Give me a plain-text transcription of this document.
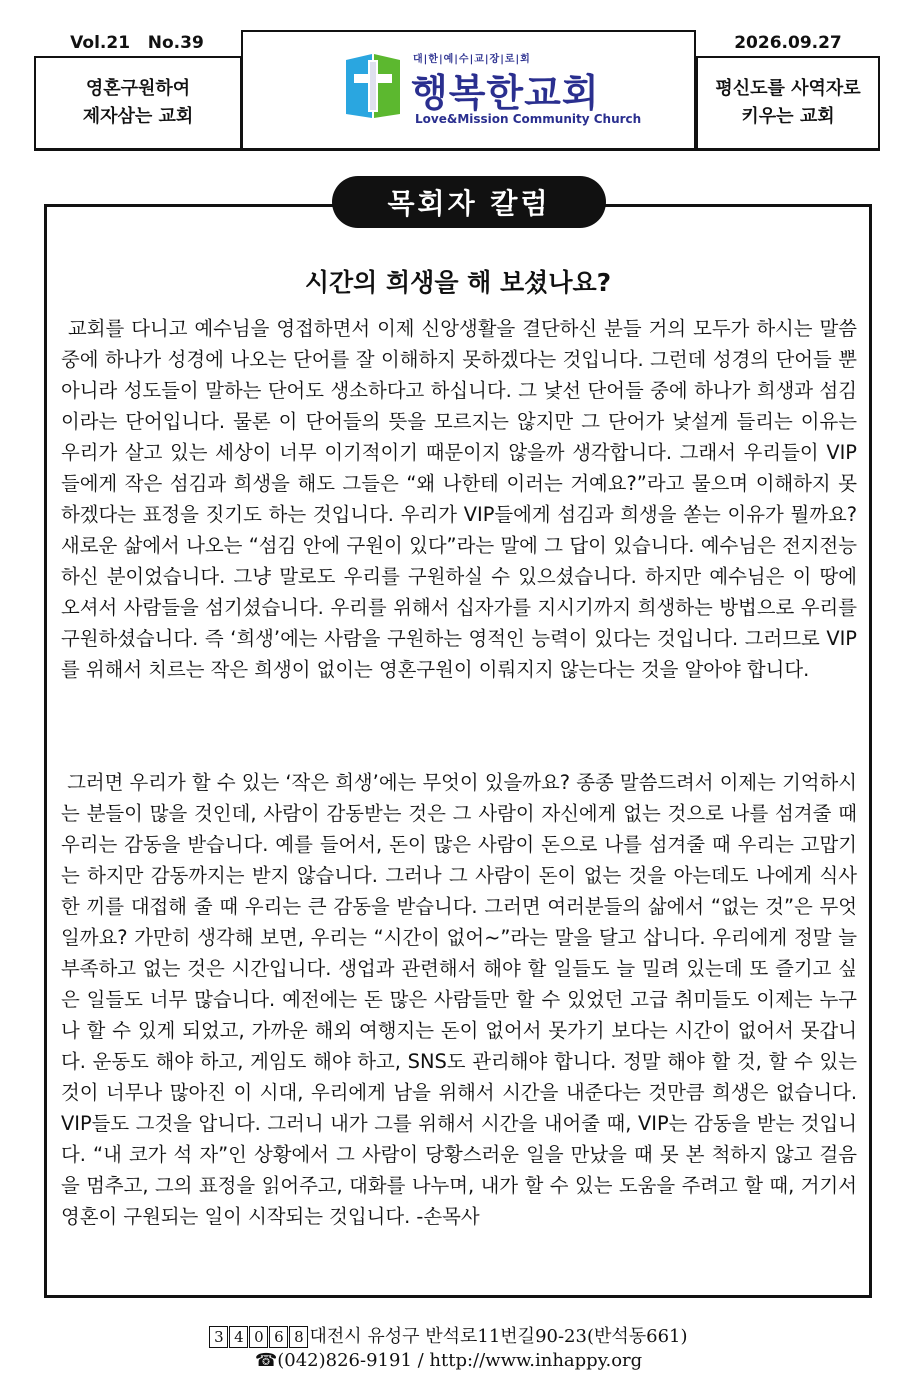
Vol.21   No.39	2026.09.27
영혼구원하여
제자삼는 교회
대|한|예|수|교|장|로|회
행복한교회
Love&Mission Community Church
평신도를 사역자로
키우는 교회
목회자 칼럼
시간의 희생을 해 보셨나요?

교회를 다니고 예수님을 영접하면서 이제 신앙생활을 결단하신 분들 거의 모두가 하시는 말씀 중에 하나가 성경에 나오는 단어를 잘 이해하지 못하겠다는 것입니다. 그런데 성경의 단어들 뿐 아니라 성도들이 말하는 단어도 생소하다고 하십니다. 그 낯선 단어들 중에 하나가 희생과 섬김이라는 단어입니다. 물론 이 단어들의 뜻을 모르지는 않지만 그 단어가 낯설게 들리는 이유는 우리가 살고 있는 세상이 너무 이기적이기 때문이지 않을까 생각합니다. 그래서 우리들이 VIP들에게 작은 섬김과 희생을 해도 그들은 “왜 나한테 이러는 거예요?”라고 물으며 이해하지 못하겠다는 표정을 짓기도 하는 것입니다. 우리가 VIP들에게 섬김과 희생을 쏟는 이유가 뭘까요? 새로운 삶에서 나오는 “섬김 안에 구원이 있다”라는 말에 그 답이 있습니다. 예수님은 전지전능하신 분이었습니다. 그냥 말로도 우리를 구원하실 수 있으셨습니다. 하지만 예수님은 이 땅에 오셔서 사람들을 섬기셨습니다. 우리를 위해서 십자가를 지시기까지 희생하는 방법으로 우리를 구원하셨습니다. 즉 ‘희생’에는 사람을 구원하는 영적인 능력이 있다는 것입니다. 그러므로 VIP를 위해서 치르는 작은 희생이 없이는 영혼구원이 이뤄지지 않는다는 것을 알아야 합니다.

그러면 우리가 할 수 있는 ‘작은 희생’에는 무엇이 있을까요? 종종 말씀드려서 이제는 기억하시는 분들이 많을 것인데, 사람이 감동받는 것은 그 사람이 자신에게 없는 것으로 나를 섬겨줄 때 우리는 감동을 받습니다. 예를 들어서, 돈이 많은 사람이 돈으로 나를 섬겨줄 때 우리는 고맙기는 하지만 감동까지는 받지 않습니다. 그러나 그 사람이 돈이 없는 것을 아는데도 나에게 식사 한 끼를 대접해 줄 때 우리는 큰 감동을 받습니다. 그러면 여러분들의 삶에서 “없는 것”은 무엇일까요? 가만히 생각해 보면, 우리는 “시간이 없어~”라는 말을 달고 삽니다. 우리에게 정말 늘 부족하고 없는 것은 시간입니다. 생업과 관련해서 해야 할 일들도 늘 밀려 있는데 또 즐기고 싶은 일들도 너무 많습니다. 예전에는 돈 많은 사람들만 할 수 있었던 고급 취미들도 이제는 누구나 할 수 있게 되었고, 가까운 해외 여행지는 돈이 없어서 못가기 보다는 시간이 없어서 못갑니다. 운동도 해야 하고, 게임도 해야 하고, SNS도 관리해야 합니다. 정말 해야 할 것, 할 수 있는 것이 너무나 많아진 이 시대, 우리에게 남을 위해서 시간을 내준다는 것만큼 희생은 없습니다. VIP들도 그것을 압니다. 그러니 내가 그를 위해서 시간을 내어줄 때, VIP는 감동을 받는 것입니다. “내 코가 석 자”인 상황에서 그 사람이 당황스러운 일을 만났을 때 못 본 척하지 않고 걸음을 멈추고, 그의 표정을 읽어주고, 대화를 나누며, 내가 할 수 있는 도움을 주려고 할 때, 거기서 영혼이 구원되는 일이 시작되는 것입니다. -손목사

3 4 0 6 8 대전시 유성구 반석로11번길90-23(반석동661)
☎(042)826-9191 / http://www.inhappy.org
